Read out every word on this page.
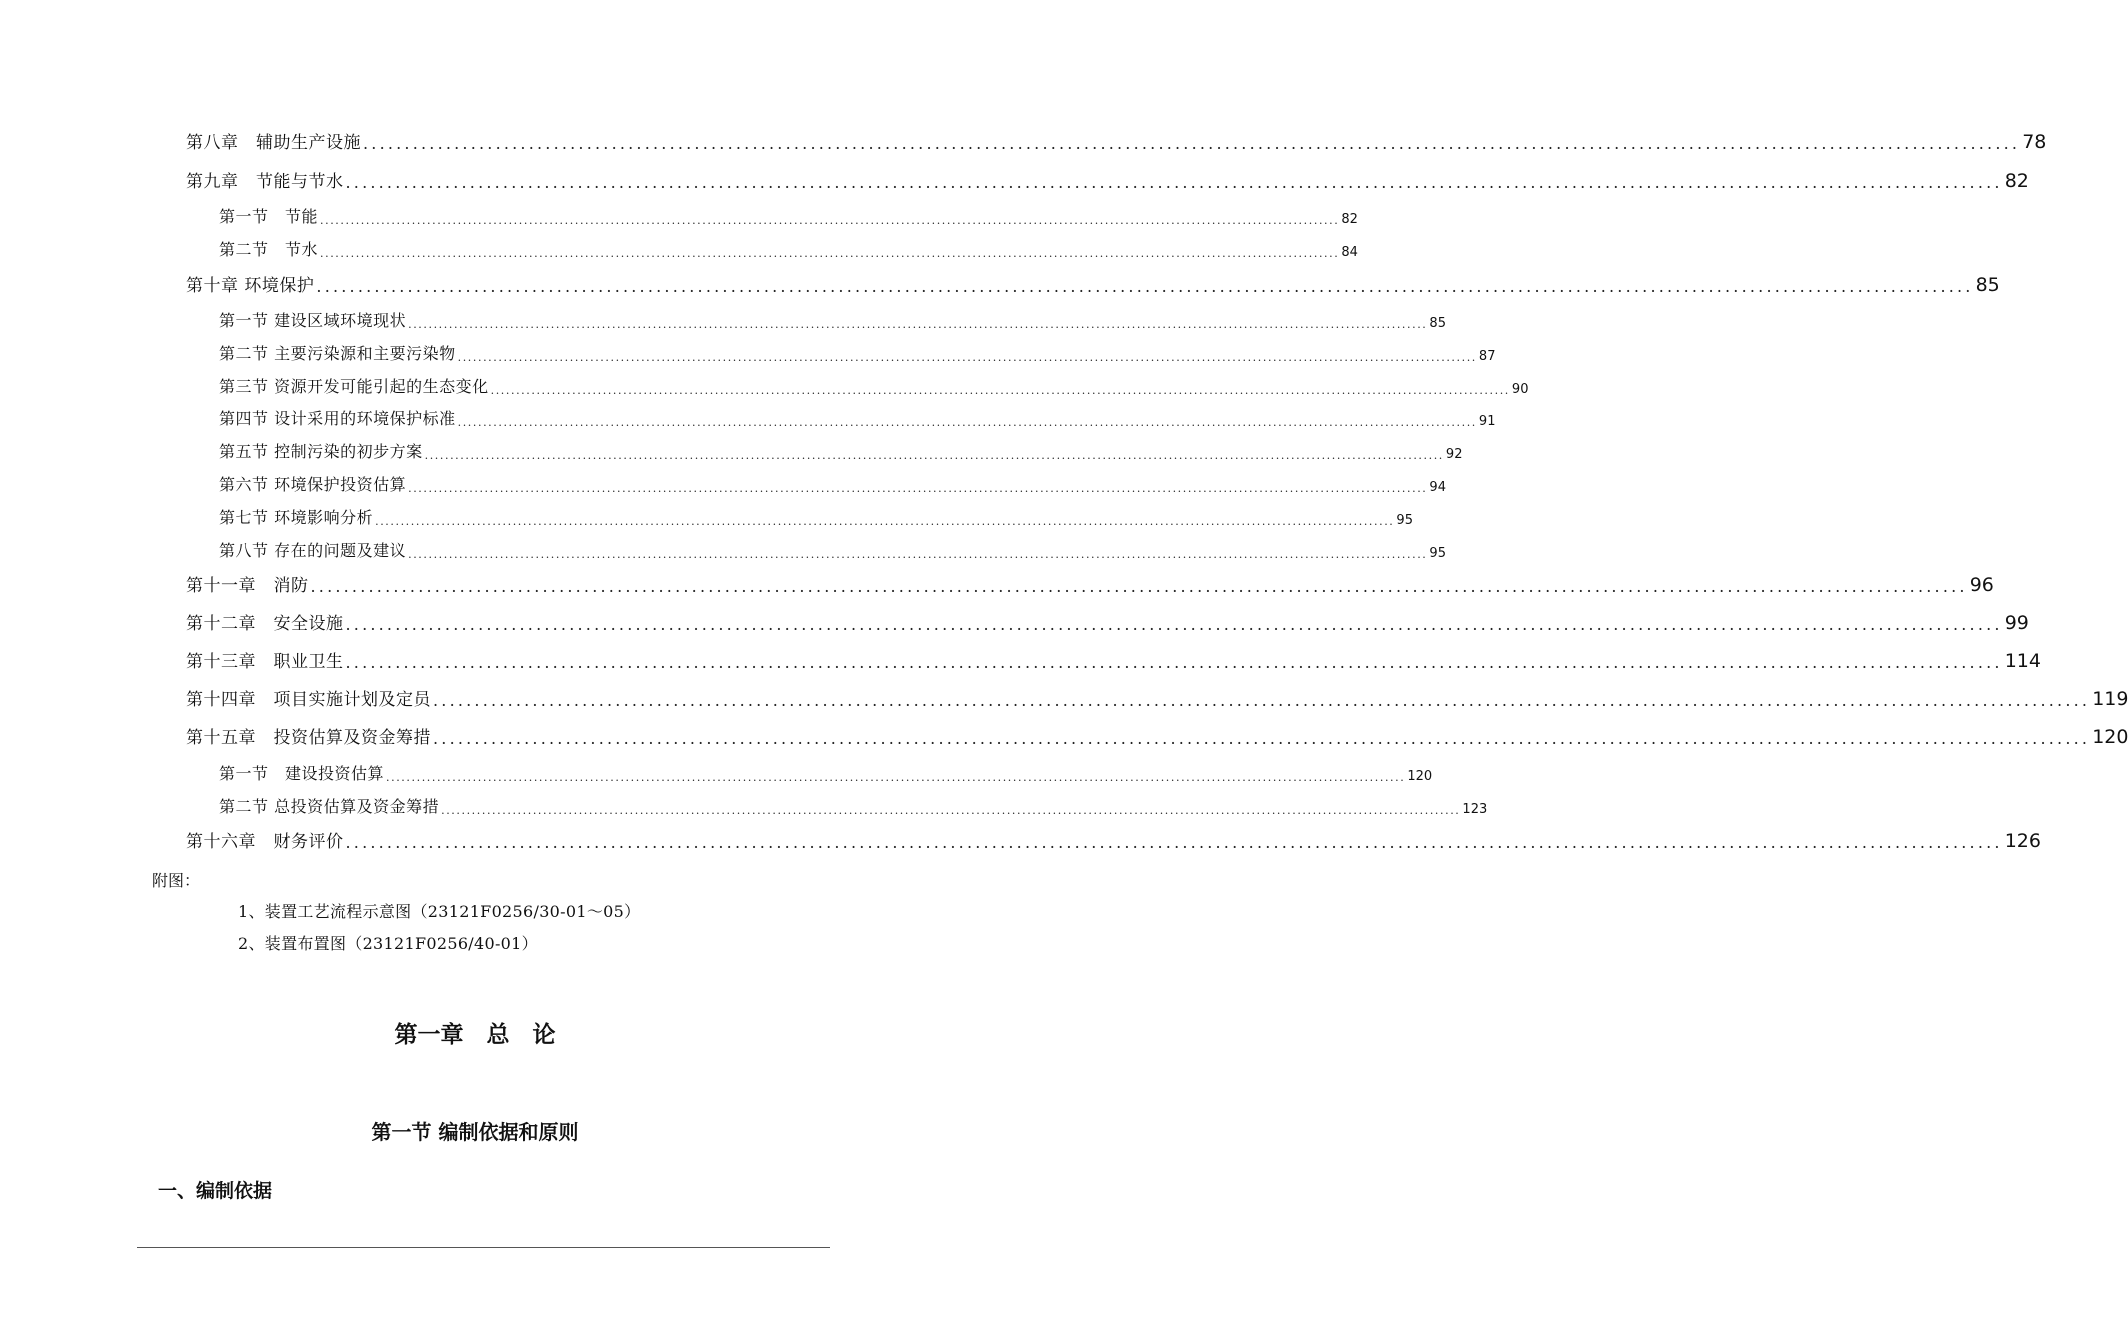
第八章　辅助生产设施 ........................................................................................................................................................................................................ 78
第九章　节能与节水 ........................................................................................................................................................................................................ 82
第一节　节能 ........................................................................................................................................................................................................ 82
第二节　节水 ........................................................................................................................................................................................................ 84
第十章 环境保护 ........................................................................................................................................................................................................ 85
第一节 建设区域环境现状 ........................................................................................................................................................................................................ 85
第二节 主要污染源和主要污染物 ........................................................................................................................................................................................................ 87
第三节 资源开发可能引起的生态变化 ........................................................................................................................................................................................................ 90
第四节 设计采用的环境保护标准 ........................................................................................................................................................................................................ 91
第五节 控制污染的初步方案 ........................................................................................................................................................................................................ 92
第六节 环境保护投资估算 ........................................................................................................................................................................................................ 94
第七节 环境影响分析 ........................................................................................................................................................................................................ 95
第八节 存在的问题及建议 ........................................................................................................................................................................................................ 95
第十一章　消防 ........................................................................................................................................................................................................ 96
第十二章　安全设施 ........................................................................................................................................................................................................ 99
第十三章　职业卫生 ........................................................................................................................................................................................................ 114
第十四章　项目实施计划及定员 ........................................................................................................................................................................................................ 119
第十五章　投资估算及资金筹措 ........................................................................................................................................................................................................ 120
第一节　建设投资估算 ........................................................................................................................................................................................................ 120
第二节 总投资估算及资金筹措 ........................................................................................................................................................................................................ 123
第十六章　财务评价 ........................................................................................................................................................................................................ 126
附图：
1、装置工艺流程示意图（23121F0256/30-01～05）
2、装置布置图（23121F0256/40-01）
第一章　总　论
第一节 编制依据和原则
一、编制依据
